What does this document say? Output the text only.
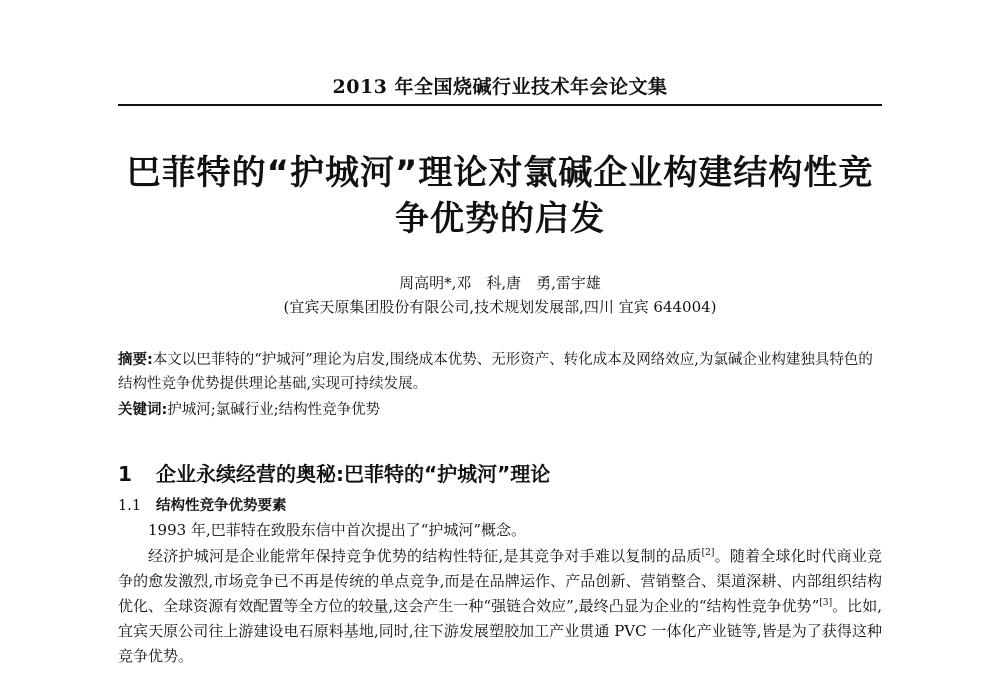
2013 年全国烧碱行业技术年会论文集
巴菲特的“护城河”理论对氯碱企业构建结构性竞争优势的启发
周高明*,邓　科,唐　勇,雷宇雄
(宜宾天原集团股份有限公司,技术规划发展部,四川 宜宾 644004)
摘要:本文以巴菲特的“护城河”理论为启发,围绕成本优势、无形资产、转化成本及网络效应,为氯碱企业构建独具特色的结构性竞争优势提供理论基础,实现可持续发展。
关键词:护城河;氯碱行业;结构性竞争优势
1 企业永续经营的奥秘:巴菲特的“护城河”理论
1.1 结构性竞争优势要素
1993 年,巴菲特在致股东信中首次提出了“护城河”概念。
经济护城河是企业能常年保持竞争优势的结构性特征,是其竞争对手难以复制的品质[2]。随着全球化时代商业竞争的愈发激烈,市场竞争已不再是传统的单点竞争,而是在品牌运作、产品创新、营销整合、渠道深耕、内部组织结构优化、全球资源有效配置等全方位的较量,这会产生一种“强链合效应”,最终凸显为企业的“结构性竞争优势”[3]。比如,宜宾天原公司往上游建设电石原料基地,同时,往下游发展塑胶加工产业贯通 PVC 一体化产业链等,皆是为了获得这种竞争优势。
